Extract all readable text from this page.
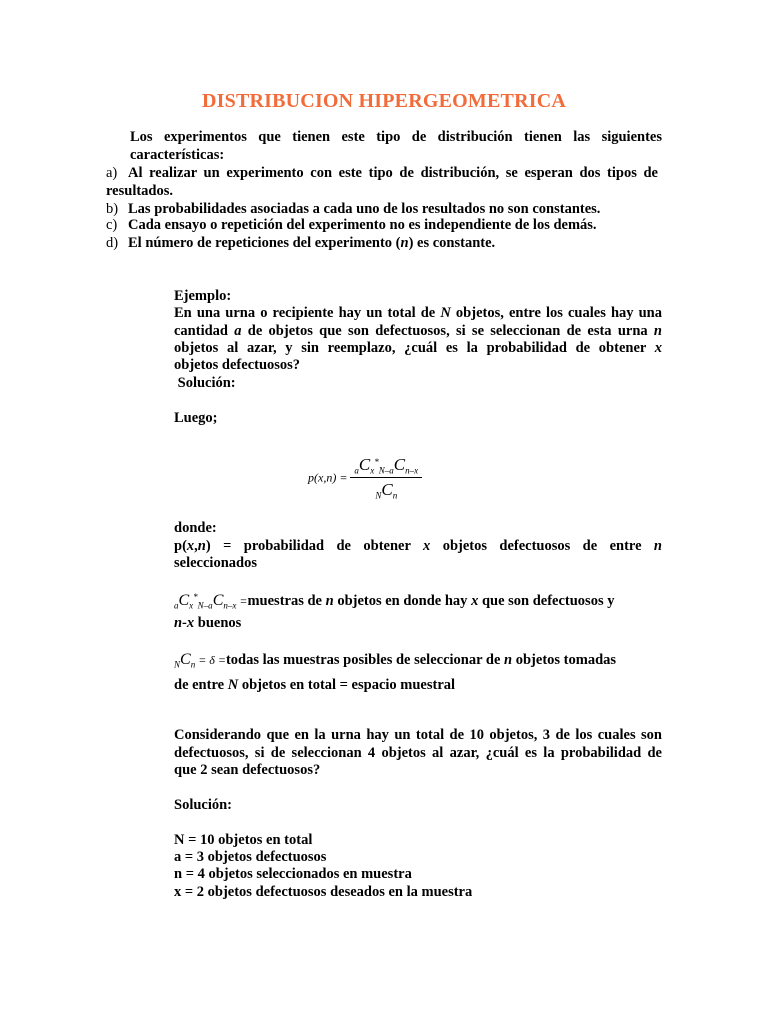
DISTRIBUCION HIPERGEOMETRICA
Los experimentos que tienen este tipo de distribución tienen las siguientes
características:
a) Al realizar un experimento con este tipo de distribución, se esperan dos tipos de
resultados.
b) Las probabilidades asociadas a cada uno de los resultados no son constantes.
c) Cada ensayo o repetición del experimento no es independiente de los demás.
d) El número de repeticiones del experimento (n) es constante.
Ejemplo:
En una urna o recipiente hay un total de N objetos, entre los cuales hay una
cantidad a de objetos que son defectuosos, si se seleccionan de esta urna n
objetos al azar, y sin reemplazo, ¿cuál es la probabilidad de obtener x
objetos defectuosos?
Solución:
Luego;
$p(x,n) = \frac{_aC_x^*_{N-a}C_{n-x}}{_NC_n}$
donde:
p(x,n) = probabilidad de obtener x objetos defectuosos de entre n
seleccionados
$_aC_x^*_{N-a}C_{n-x}$ =muestras de n objetos en donde hay x que son defectuosos y
n-x buenos
$_NC_n = \delta$ =todas las muestras posibles de seleccionar de n objetos tomadas
de entre N objetos en total = espacio muestral
Considerando que en la urna hay un total de 10 objetos, 3 de los cuales son
defectuosos, si de seleccionan 4 objetos al azar, ¿cuál es la probabilidad de
que 2 sean defectuosos?
Solución:
N = 10 objetos en total
a = 3 objetos defectuosos
n = 4 objetos seleccionados en muestra
x = 2 objetos defectuosos deseados en la muestra
